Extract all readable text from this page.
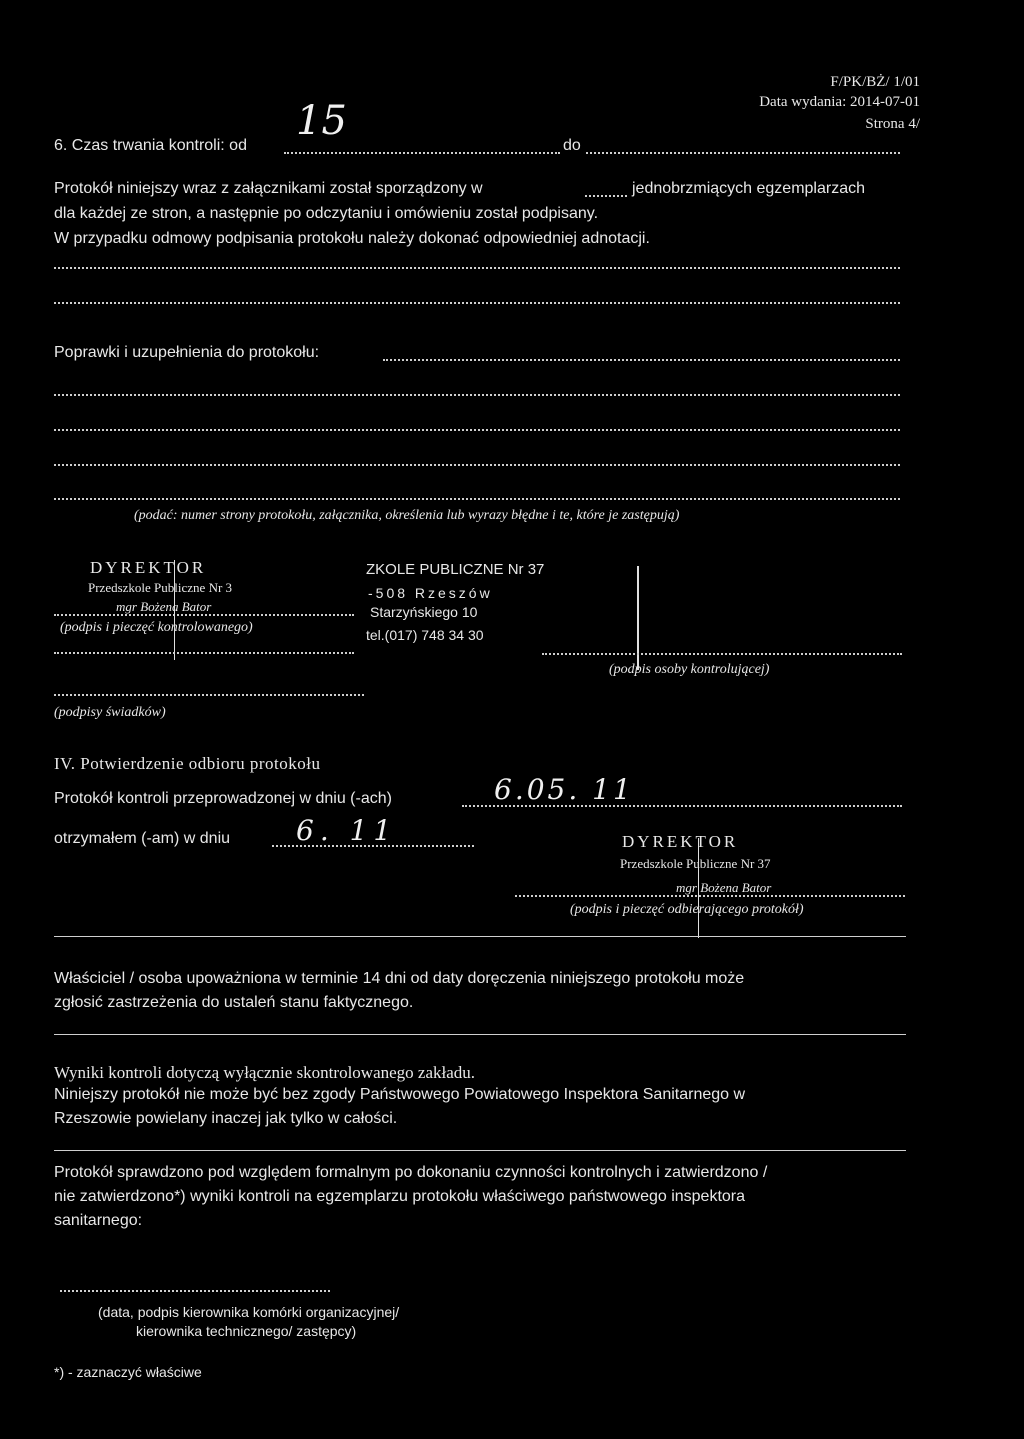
F/PK/BŻ/ 1/01
Data wydania: 2014-07-01
Strona 4/
6. Czas trwania kontroli: od
15
do
Protokół niniejszy wraz z załącznikami został sporządzony w	jednobrzmiących egzemplarzach
dla każdej ze stron, a następnie po odczytaniu i omówieniu został podpisany.
W przypadku odmowy podpisania protokołu należy dokonać odpowiedniej adnotacji.
Poprawki i uzupełnienia do protokołu:
(podać: numer strony protokołu, załącznika, określenia lub wyrazy błędne i te, które je zastępują)
DYREKTOR
Przedszkole Publiczne Nr 3
mgr Bożena Bator
(podpis i pieczęć kontrolowanego)
ZKOLE PUBLICZNE Nr 37
-508 Rzeszów
Starzyńskiego 10
tel.(017) 748 34 30
(podpis osoby kontrolującej)
(podpisy świadków)
IV. Potwierdzenie odbioru protokołu
Protokół kontroli przeprowadzonej w dniu (-ach)	6.05. 11
otrzymałem (-am) w dniu 6. 11	DYREKTOR
Przedszkole Publiczne Nr 37
mgr Bożena Bator
(podpis i pieczęć odbierającego protokół)
Właściciel / osoba upoważniona w terminie 14 dni od daty doręczenia niniejszego protokołu może
zgłosić zastrzeżenia do ustaleń stanu faktycznego.
Wyniki kontroli dotyczą wyłącznie skontrolowanego zakładu.
Niniejszy protokół nie może być bez zgody Państwowego Powiatowego Inspektora Sanitarnego w
Rzeszowie powielany inaczej jak tylko w całości.
Protokół sprawdzono pod względem formalnym po dokonaniu czynności kontrolnych i zatwierdzono /
nie zatwierdzono*) wyniki kontroli na egzemplarzu protokołu właściwego państwowego inspektora
sanitarnego:
(data, podpis kierownika komórki organizacyjnej/
kierownika technicznego/ zastępcy)
*) - zaznaczyć właściwe
